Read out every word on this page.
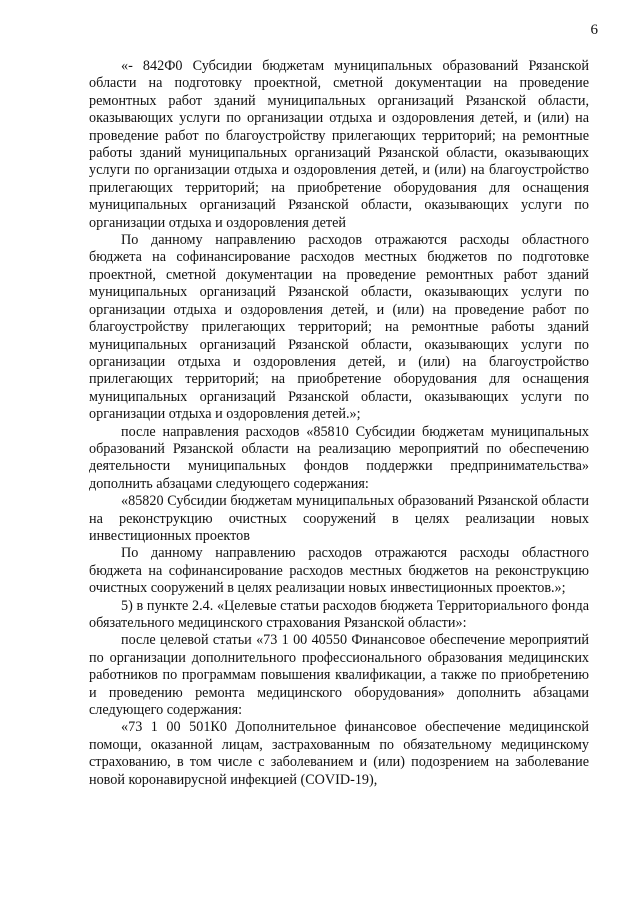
6

«- 842Ф0 Субсидии бюджетам муниципальных образований Рязанской области на подготовку проектной, сметной документации на проведение ремонтных работ зданий муниципальных организаций Рязанской области, оказывающих услуги по организации отдыха и оздоровления детей, и (или) на проведение работ по благоустройству прилегающих территорий; на ремонтные работы зданий муниципальных организаций Рязанской области, оказывающих услуги по организации отдыха и оздоровления детей, и (или) на благоустройство прилегающих территорий; на приобретение оборудования для оснащения муниципальных организаций Рязанской области, оказывающих услуги по организации отдыха и оздоровления детей

По данному направлению расходов отражаются расходы областного бюджета на софинансирование расходов местных бюджетов по подготовке проектной, сметной документации на проведение ремонтных работ зданий муниципальных организаций Рязанской области, оказывающих услуги по организации отдыха и оздоровления детей, и (или) на проведение работ по благоустройству прилегающих территорий; на ремонтные работы зданий муниципальных организаций Рязанской области, оказывающих услуги по организации отдыха и оздоровления детей, и (или) на благоустройство прилегающих территорий; на приобретение оборудования для оснащения муниципальных организаций Рязанской области, оказывающих услуги по организации отдыха и оздоровления детей.»;

после направления расходов «85810 Субсидии бюджетам муниципальных образований Рязанской области на реализацию мероприятий по обеспечению деятельности муниципальных фондов поддержки предпринимательства» дополнить абзацами следующего содержания:

«85820 Субсидии бюджетам муниципальных образований Рязанской области на реконструкцию очистных сооружений в целях реализации новых инвестиционных проектов

По данному направлению расходов отражаются расходы областного бюджета на софинансирование расходов местных бюджетов на реконструкцию очистных сооружений в целях реализации новых инвестиционных проектов.»;

5) в пункте 2.4. «Целевые статьи расходов бюджета Территориального фонда обязательного медицинского страхования Рязанской области»:

после целевой статьи «73 1 00 40550 Финансовое обеспечение мероприятий по организации дополнительного профессионального образования медицинских работников по программам повышения квалификации, а также по приобретению и проведению ремонта медицинского оборудования» дополнить абзацами следующего содержания:

«73 1 00 501К0 Дополнительное финансовое обеспечение медицинской помощи, оказанной лицам, застрахованным по обязательному медицинскому страхованию, в том числе с заболеванием и (или) подозрением на заболевание новой коронавирусной инфекцией (COVID-19),
